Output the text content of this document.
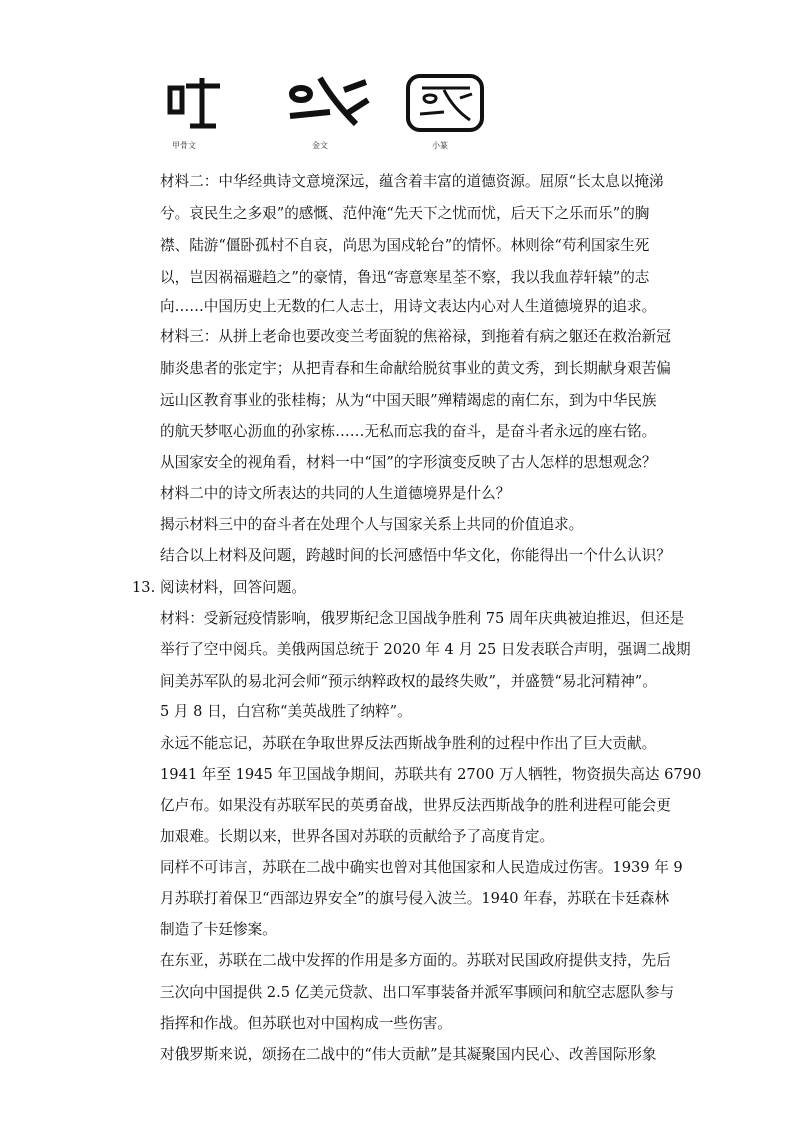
甲骨文	金文	小篆
材料二：中华经典诗文意境深远，蕴含着丰富的道德资源。屈原“长太息以掩涕
兮。哀民生之多艰”的感慨、范仲淹“先天下之忧而忧，后天下之乐而乐”的胸
襟、陆游“僵卧孤村不自哀，尚思为国戍轮台”的情怀。林则徐“苟利国家生死
以，岂因祸福避趋之”的豪情，鲁迅“寄意寒星荃不察，我以我血荐轩辕”的志
向……中国历史上无数的仁人志士，用诗文表达内心对人生道德境界的追求。
材料三：从拼上老命也要改变兰考面貌的焦裕禄，到拖着有病之躯还在救治新冠
肺炎患者的张定宇；从把青春和生命献给脱贫事业的黄文秀，到长期献身艰苦偏
远山区教育事业的张桂梅；从为“中国天眼”殚精竭虑的南仁东，到为中华民族
的航天梦呕心沥血的孙家栋……无私而忘我的奋斗，是奋斗者永远的座右铭。
从国家安全的视角看，材料一中“国”的字形演变反映了古人怎样的思想观念？
材料二中的诗文所表达的共同的人生道德境界是什么？
揭示材料三中的奋斗者在处理个人与国家关系上共同的价值追求。
结合以上材料及问题，跨越时间的长河感悟中华文化，你能得出一个什么认识？
13. 阅读材料，回答问题。
材料：受新冠疫情影响，俄罗斯纪念卫国战争胜利 75 周年庆典被迫推迟，但还是
举行了空中阅兵。美俄两国总统于 2020 年 4 月 25 日发表联合声明，强调二战期
间美苏军队的易北河会师“预示纳粹政权的最终失败”，并盛赞“易北河精神”。
5 月 8 日，白宫称“美英战胜了纳粹”。
永远不能忘记，苏联在争取世界反法西斯战争胜利的过程中作出了巨大贡献。
1941 年至 1945 年卫国战争期间，苏联共有 2700 万人牺牲，物资损失高达 6790
亿卢布。如果没有苏联军民的英勇奋战，世界反法西斯战争的胜利进程可能会更
加艰难。长期以来，世界各国对苏联的贡献给予了高度肯定。
同样不可讳言，苏联在二战中确实也曾对其他国家和人民造成过伤害。1939 年 9
月苏联打着保卫“西部边界安全”的旗号侵入波兰。1940 年春，苏联在卡廷森林
制造了卡廷惨案。
在东亚，苏联在二战中发挥的作用是多方面的。苏联对民国政府提供支持，先后
三次向中国提供 2.5 亿美元贷款、出口军事装备并派军事顾问和航空志愿队参与
指挥和作战。但苏联也对中国构成一些伤害。
对俄罗斯来说，颂扬在二战中的“伟大贡献”是其凝聚国内民心、改善国际形象
